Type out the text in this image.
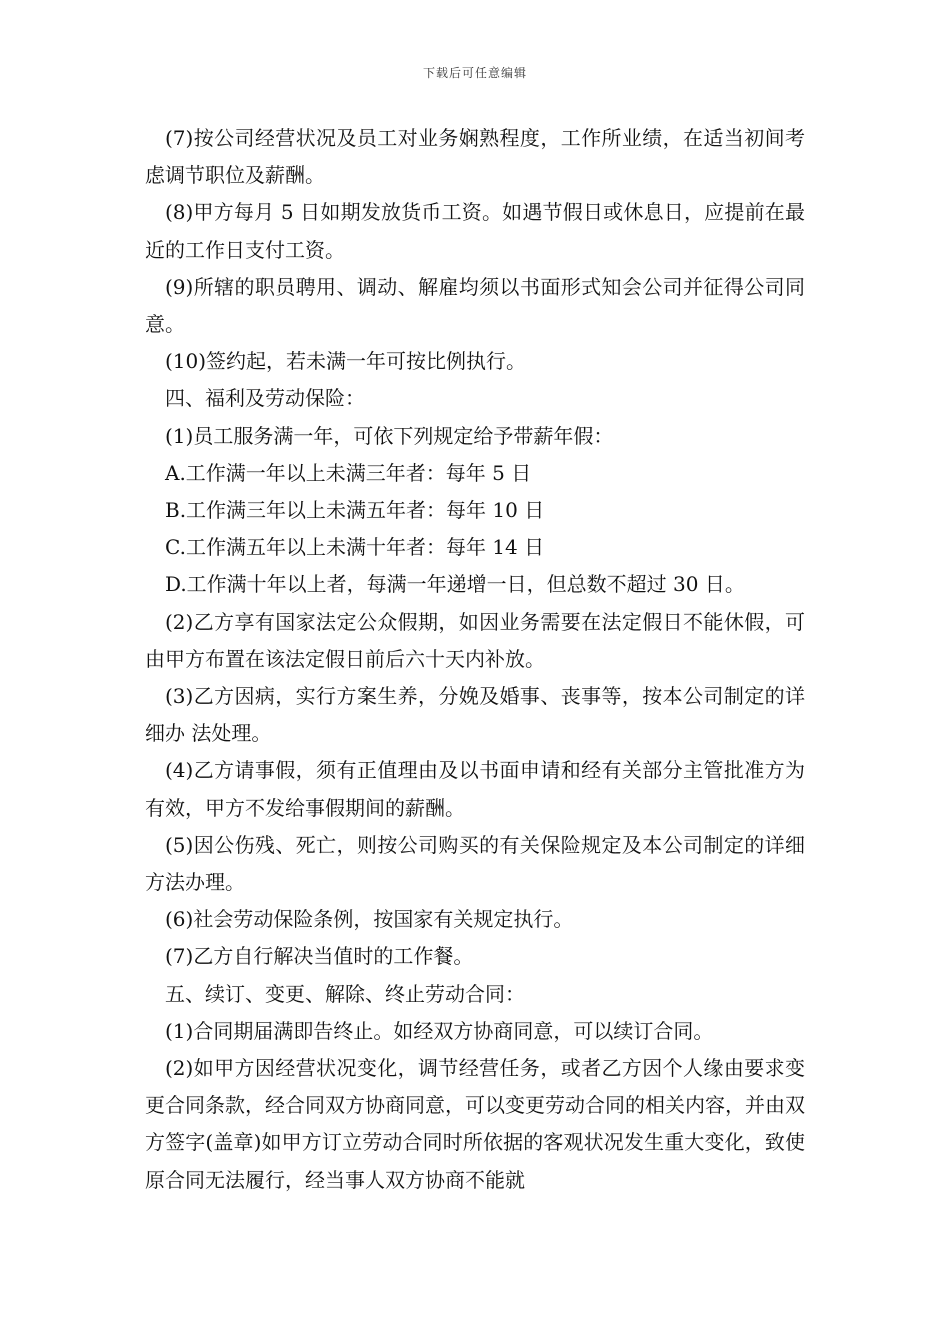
下载后可任意编辑

(7)按公司经营状况及员工对业务娴熟程度，工作所业绩，在适当初间考虑调节职位及薪酬。

(8)甲方每月 5 日如期发放货币工资。如遇节假日或休息日，应提前在最近的工作日支付工资。

(9)所辖的职员聘用、调动、解雇均须以书面形式知会公司并征得公司同意。

(10)签约起，若未满一年可按比例执行。

四、福利及劳动保险：

(1)员工服务满一年，可依下列规定给予带薪年假：

A.工作满一年以上未满三年者：每年 5 日

B.工作满三年以上未满五年者：每年 10 日

C.工作满五年以上未满十年者：每年 14 日

D.工作满十年以上者，每满一年递增一日，但总数不超过 30 日。

(2)乙方享有国家法定公众假期，如因业务需要在法定假日不能休假，可由甲方布置在该法定假日前后六十天内补放。

(3)乙方因病，实行方案生养，分娩及婚事、丧事等，按本公司制定的详细办 法处理。

(4)乙方请事假，须有正值理由及以书面申请和经有关部分主管批准方为有效，甲方不发给事假期间的薪酬。

(5)因公伤残、死亡，则按公司购买的有关保险规定及本公司制定的详细方法办理。

(6)社会劳动保险条例，按国家有关规定执行。

(7)乙方自行解决当值时的工作餐。

五、续订、变更、解除、终止劳动合同：

(1)合同期届满即告终止。如经双方协商同意，可以续订合同。

(2)如甲方因经营状况变化，调节经营任务，或者乙方因个人缘由要求变更合同条款，经合同双方协商同意，可以变更劳动合同的相关内容，并由双方签字(盖章)如甲方订立劳动合同时所依据的客观状况发生重大变化，致使原合同无法履行，经当事人双方协商不能就
